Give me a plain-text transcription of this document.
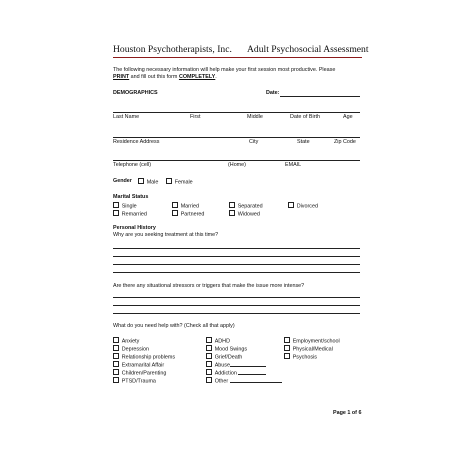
Houston Psychotherapists, Inc. Adult Psychosocial Assessment
The following necessary information will help make your first session most productive. Please
PRINT and fill out this form COMPLETELY.
DEMOGRAPHICS	Date:
Last Name	First	Middle	Date of Birth	Age
Residence Address	City	State	Zip Code
Telephone (cell)	(Home)	EMAIL
Gender	Male	Female
Marital Status
Single	Married	Separated	Divorced
Remarried	Partnered	Widowed
Personal History
Why are you seeking treatment at this time?
Are there any situational stressors or triggers that make the issue more intense?
What do you need help with? (Check all that apply)
Anxiety
Depression
Relationship problems
Extramarital Affair
Children/Parenting
PTSD/Trauma
ADHD
Mood Swings
Grief/Death
Abuse
Addiction
Other
Employment/school
Physical/Medical
Psychosis
Page 1 of 6
